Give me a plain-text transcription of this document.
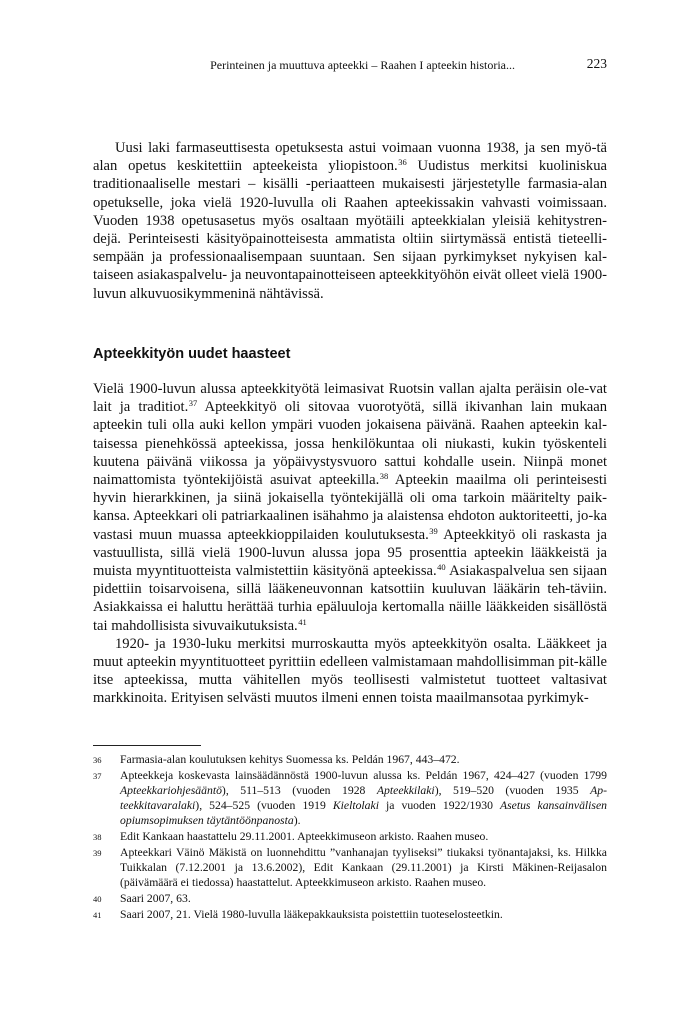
Perinteinen ja muuttuva apteekki – Raahen I apteekin historia...	223

Uusi laki farmaseuttisesta opetuksesta astui voimaan vuonna 1938, ja sen myö-tä alan opetus keskitettiin apteekeista yliopistoon.$^{36}$ Uudistus merkitsi kuoliniskua traditionaaliselle mestari – kisälli -periaatteen mukaisesti järjestetylle farmasia-alan opetukselle, joka vielä 1920-luvulla oli Raahen apteekissakin vahvasti voimissaan. Vuoden 1938 opetusasetus myös osaltaan myötäili apteekkialan yleisiä kehitystren-dejä. Perinteisesti käsityöpainotteisesta ammatista oltiin siirtymässä entistä tieteelli-sempään ja professionaalisempaan suuntaan. Sen sijaan pyrkimykset nykyisen kal-taiseen asiakaspalvelu- ja neuvontapainotteiseen apteekkityöhön eivät olleet vielä 1900-luvun alkuvuosikymmeninä nähtävissä.

Apteekkityön uudet haasteet

Vielä 1900-luvun alussa apteekkityötä leimasivat Ruotsin vallan ajalta peräisin ole-vat lait ja traditiot.$^{37}$ Apteekkityö oli sitovaa vuorotyötä, sillä ikivanhan lain mukaan apteekin tuli olla auki kellon ympäri vuoden jokaisena päivänä. Raahen apteekin kal-taisessa pienehkössä apteekissa, jossa henkilökuntaa oli niukasti, kukin työskenteli kuutena päivänä viikossa ja yöpäivystysvuoro sattui kohdalle usein. Niinpä monet naimattomista työntekijöistä asuivat apteekilla.$^{38}$ Apteekin maailma oli perinteisesti hyvin hierarkkinen, ja siinä jokaisella työntekijällä oli oma tarkoin määritelty paik-kansa. Apteekkari oli patriarkaalinen isähahmo ja alaistensa ehdoton auktoriteetti, jo-ka vastasi muun muassa apteekkioppilaiden koulutuksesta.$^{39}$ Apteekkityö oli raskasta ja vastuullista, sillä vielä 1900-luvun alussa jopa 95 prosenttia apteekin lääkkeistä ja muista myyntituotteista valmistettiin käsityönä apteekissa.$^{40}$ Asiakaspalvelua sen sijaan pidettiin toisarvoisena, sillä lääkeneuvonnan katsottiin kuuluvan lääkärin teh-täviin. Asiakkaissa ei haluttu herättää turhia epäluuloja kertomalla näille lääkkeiden sisällöstä tai mahdollisista sivuvaikutuksista.$^{41}$

1920- ja 1930-luku merkitsi murroskautta myös apteekkityön osalta. Lääkkeet ja muut apteekin myyntituotteet pyrittiin edelleen valmistamaan mahdollisimman pit-källe itse apteekissa, mutta vähitellen myös teollisesti valmistetut tuotteet valtasivat markkinoita. Erityisen selvästi muutos ilmeni ennen toista maailmansotaa pyrkimyk-

36	Farmasia-alan koulutuksen kehitys Suomessa ks. Peldán 1967, 443–472.
37	Apteekkeja koskevasta lainsäädännöstä 1900-luvun alussa ks. Peldán 1967, 424–427 (vuoden 1799 Apteekkariohjesääntö), 511–513 (vuoden 1928 Apteekkilaki), 519–520 (vuoden 1935 Ap-teekkitavaralaki), 524–525 (vuoden 1919 Kieltolaki ja vuoden 1922/1930 Asetus kansainvälisen opiumsopimuksen täytäntöönpanosta).
38	Edit Kankaan haastattelu 29.11.2001. Apteekkimuseon arkisto. Raahen museo.
39	Apteekkari Väinö Mäkistä on luonnehdittu ”vanhanajan tyyliseksi” tiukaksi työnantajaksi, ks. Hilkka Tuikkalan (7.12.2001 ja 13.6.2002), Edit Kankaan (29.11.2001) ja Kirsti Mäkinen-Reijasalon (päivämäärä ei tiedossa) haastattelut. Apteekkimuseon arkisto. Raahen museo.
40	Saari 2007, 63.
41	Saari 2007, 21. Vielä 1980-luvulla lääkepakkauksista poistettiin tuoteselosteetkin.
